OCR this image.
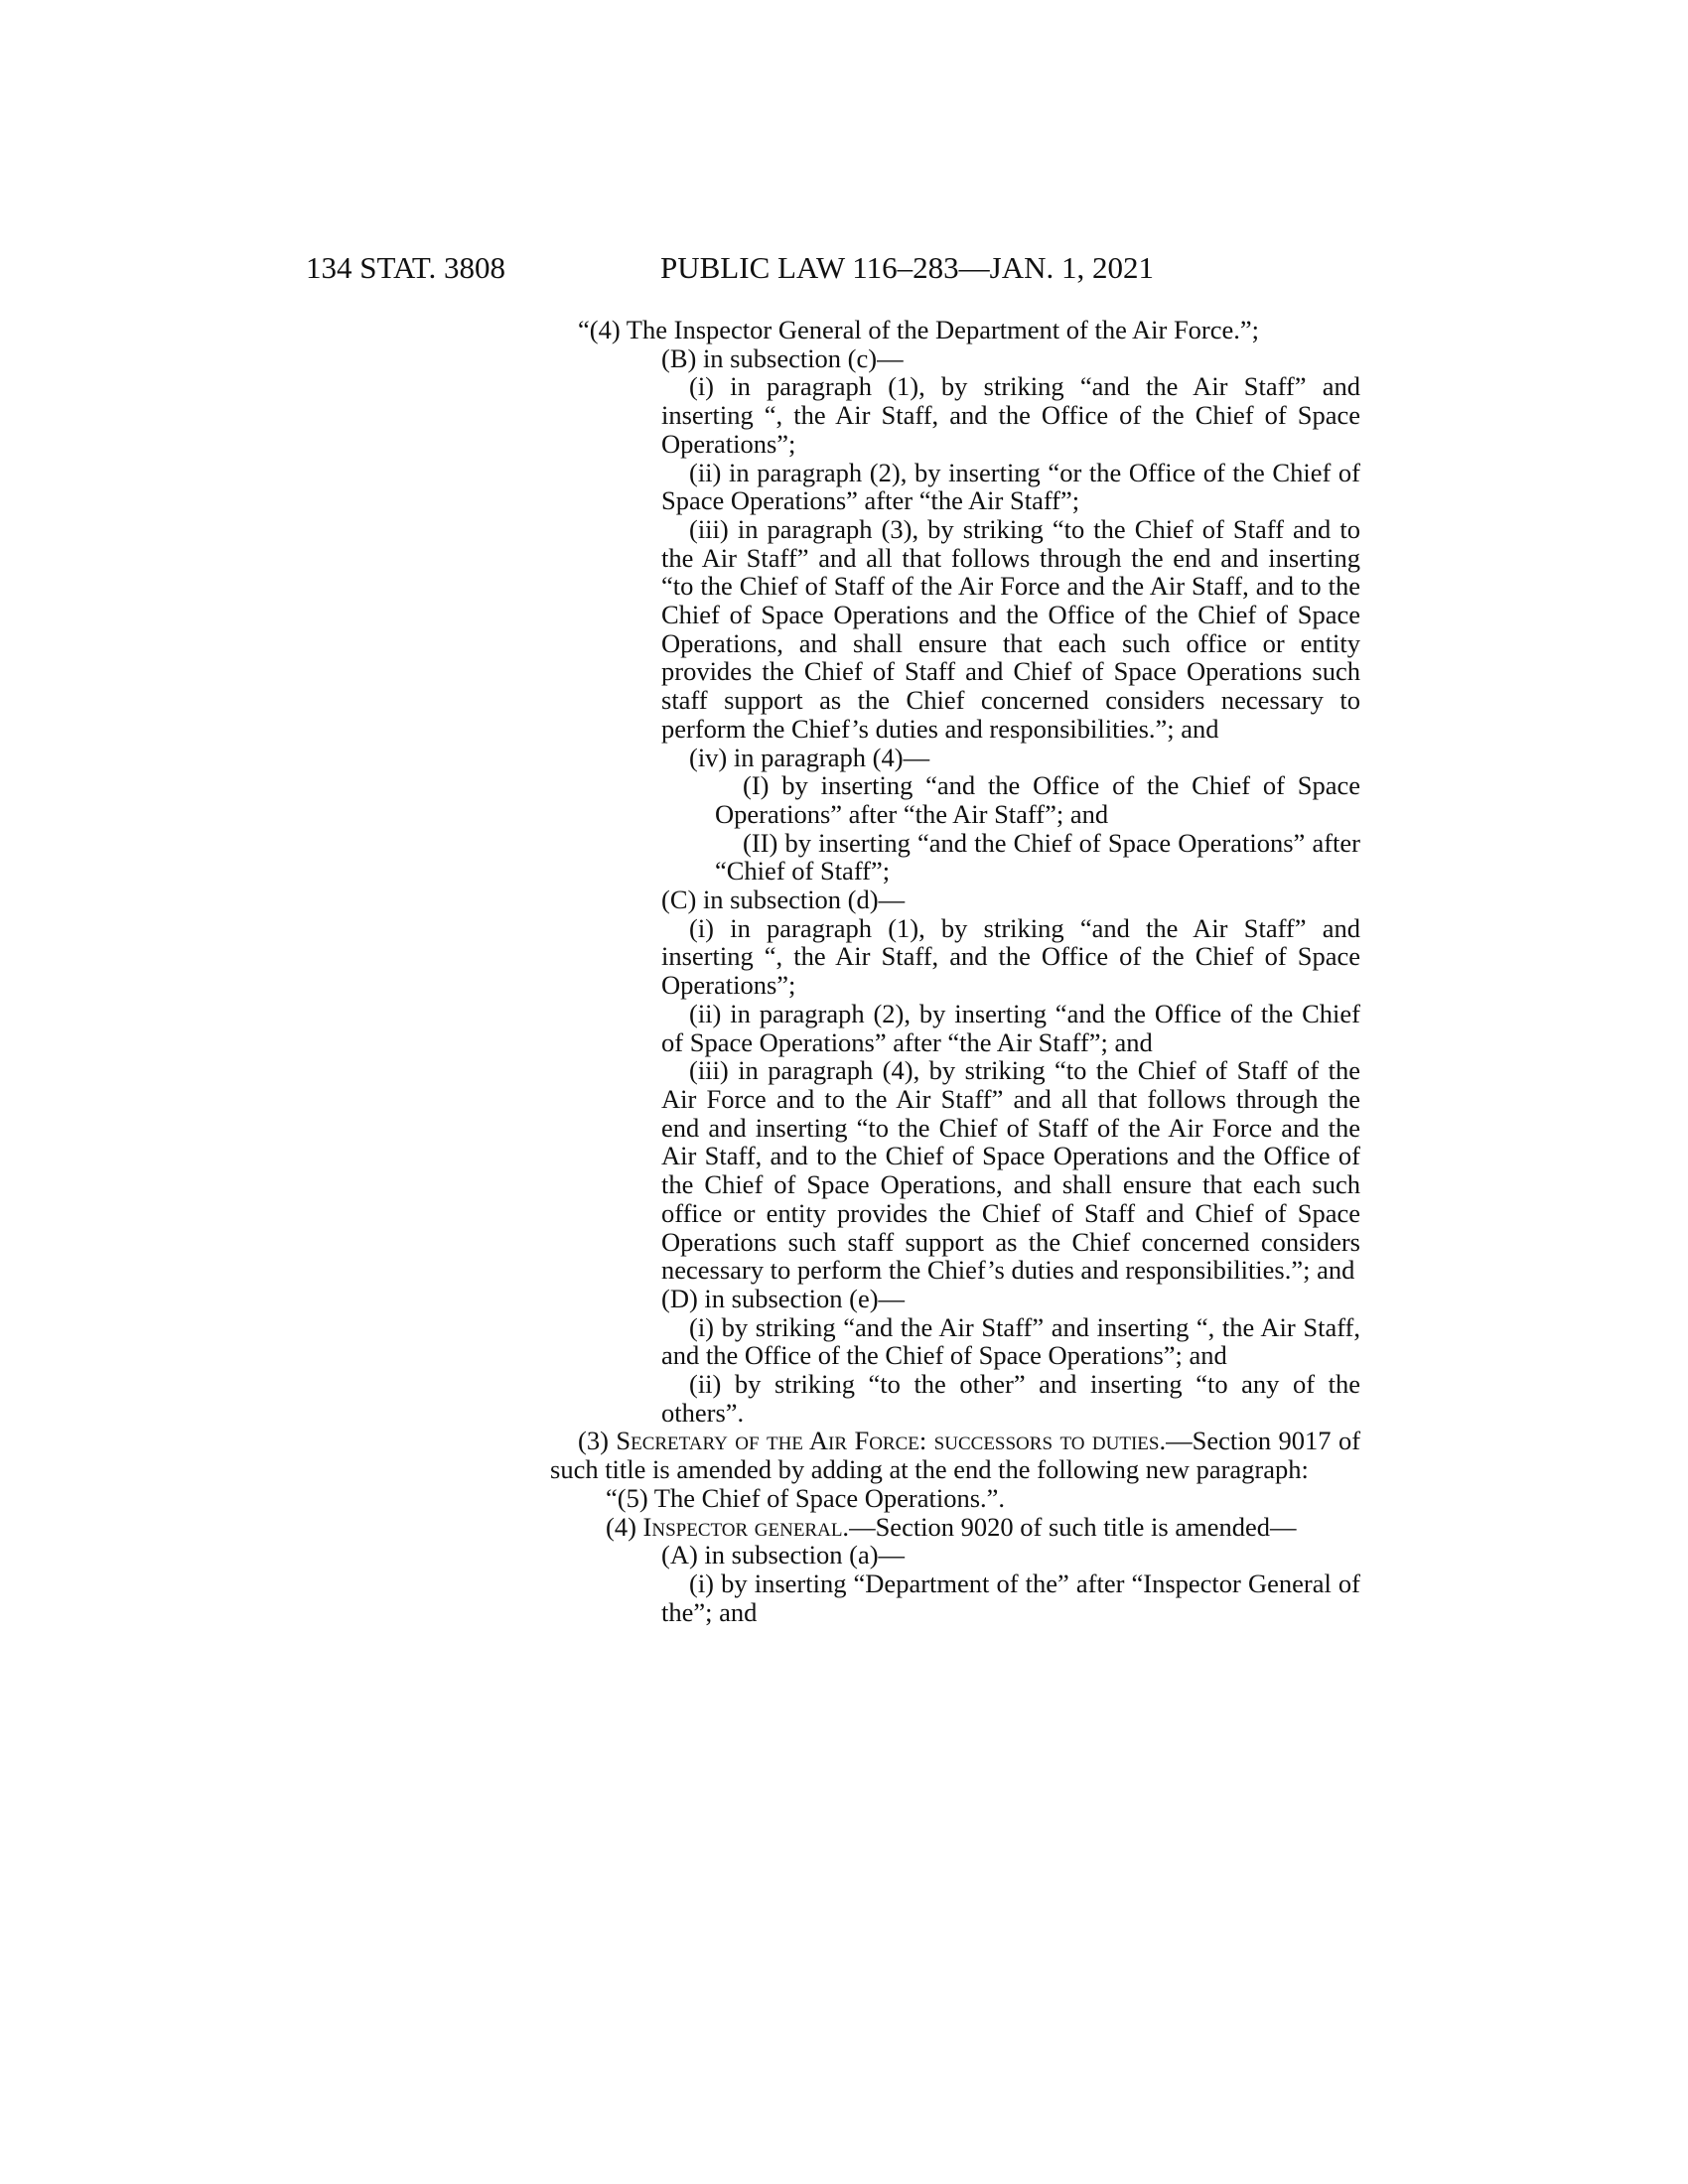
134 STAT. 3808	PUBLIC LAW 116–283—JAN. 1, 2021

“(4) The Inspector General of the Department of the Air Force.”;

(B) in subsection (c)—

(i) in paragraph (1), by striking “and the Air Staff” and inserting “, the Air Staff, and the Office of the Chief of Space Operations”;

(ii) in paragraph (2), by inserting “or the Office of the Chief of Space Operations” after “the Air Staff”;

(iii) in paragraph (3), by striking “to the Chief of Staff and to the Air Staff” and all that follows through the end and inserting “to the Chief of Staff of the Air Force and the Air Staff, and to the Chief of Space Operations and the Office of the Chief of Space Operations, and shall ensure that each such office or entity provides the Chief of Staff and Chief of Space Operations such staff support as the Chief concerned considers necessary to perform the Chief’s duties and responsibilities.”; and

(iv) in paragraph (4)—

(I) by inserting “and the Office of the Chief of Space Operations” after “the Air Staff”; and

(II) by inserting “and the Chief of Space Operations” after “Chief of Staff”;

(C) in subsection (d)—

(i) in paragraph (1), by striking “and the Air Staff” and inserting “, the Air Staff, and the Office of the Chief of Space Operations”;

(ii) in paragraph (2), by inserting “and the Office of the Chief of Space Operations” after “the Air Staff”; and

(iii) in paragraph (4), by striking “to the Chief of Staff of the Air Force and to the Air Staff” and all that follows through the end and inserting “to the Chief of Staff of the Air Force and the Air Staff, and to the Chief of Space Operations and the Office of the Chief of Space Operations, and shall ensure that each such office or entity provides the Chief of Staff and Chief of Space Operations such staff support as the Chief concerned considers necessary to perform the Chief’s duties and responsibilities.”; and

(D) in subsection (e)—

(i) by striking “and the Air Staff” and inserting “, the Air Staff, and the Office of the Chief of Space Operations”; and

(ii) by striking “to the other” and inserting “to any of the others”.

(3) Secretary of the Air Force: successors to duties.—Section 9017 of such title is amended by adding at the end the following new paragraph:

“(5) The Chief of Space Operations.”.

(4) Inspector general.—Section 9020 of such title is amended—

(A) in subsection (a)—

(i) by inserting “Department of the” after “Inspector General of the”; and
